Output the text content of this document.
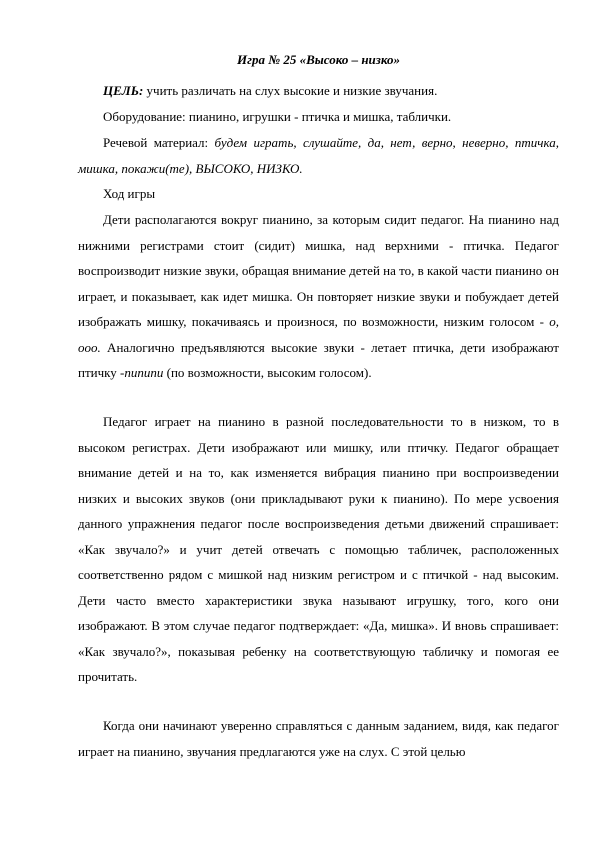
Игра № 25 «Высоко – низко»

ЦЕЛЬ: учить различать на слух высокие и низкие звучания.

Оборудование: пианино, игрушки - птичка и мишка, таблички.

Речевой материал: будем играть, слушайте, да, нет, верно, неверно, птичка, мишка, покажи(те), ВЫСОКО, НИЗКО.

Ход игры

Дети располагаются вокруг пианино, за которым сидит педагог. На пианино над нижними регистрами стоит (сидит) мишка, над верхними - птичка. Педагог воспроизводит низкие звуки, обращая внимание детей на то, в какой части пианино он играет, и показывает, как идет мишка. Он повторяет низкие звуки и побуждает детей изображать мишку, покачиваясь и произнося, по возможности, низким голосом - о, ооо. Аналогично предъявляются высокие звуки - летает птичка, дети изображают птичку -пипипи (по возможности, высоким голосом).

Педагог играет на пианино в разной последовательности то в низком, то в высоком регистрах. Дети изображают или мишку, или птичку. Педагог обращает внимание детей и на то, как изменяется вибрация пианино при воспроизведении низких и высоких звуков (они прикладывают руки к пианино). По мере усвоения данного упражнения педагог после воспроизведения детьми движений спрашивает: «Как звучало?» и учит детей отвечать с помощью табличек, расположенных соответственно рядом с мишкой над низким регистром и с птичкой - над высоким. Дети часто вместо характеристики звука называют игрушку, того, кого они изображают. В этом случае педагог подтверждает: «Да, мишка». И вновь спрашивает: «Как звучало?», показывая ребенку на соответствующую табличку и помогая ее прочитать.

Когда они начинают уверенно справляться с данным заданием, видя, как педагог играет на пианино, звучания предлагаются уже на слух. С этой целью
